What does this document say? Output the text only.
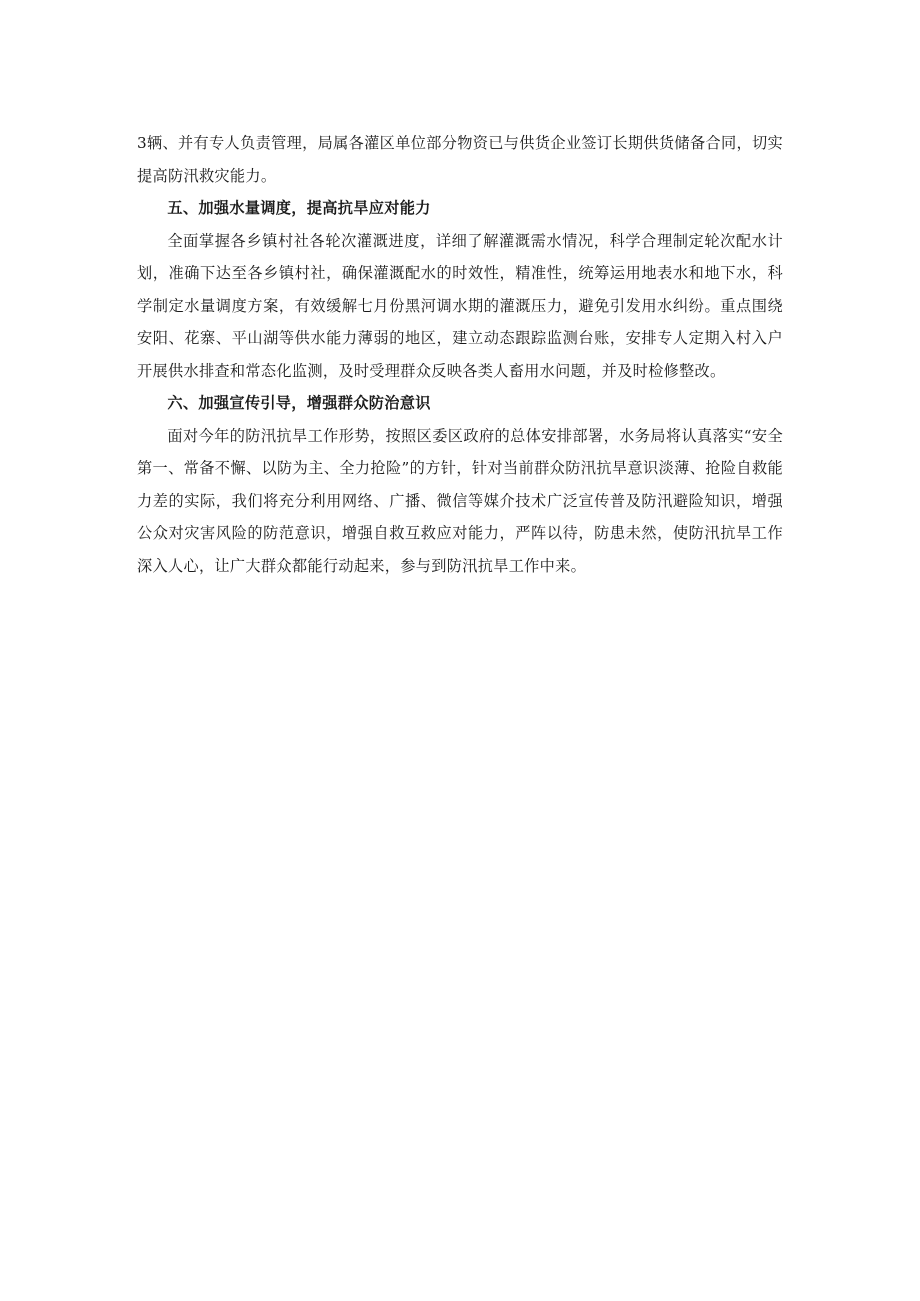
3辆、并有专人负责管理，局属各灌区单位部分物资已与供货企业签订长期供货储备合同，切实提高防汛救灾能力。

五、加强水量调度，提高抗旱应对能力

全面掌握各乡镇村社各轮次灌溉进度，详细了解灌溉需水情况，科学合理制定轮次配水计划，准确下达至各乡镇村社，确保灌溉配水的时效性，精准性，统筹运用地表水和地下水，科学制定水量调度方案，有效缓解七月份黑河调水期的灌溉压力，避免引发用水纠纷。重点围绕安阳、花寨、平山湖等供水能力薄弱的地区，建立动态跟踪监测台账，安排专人定期入村入户开展供水排查和常态化监测，及时受理群众反映各类人畜用水问题，并及时检修整改。

六、加强宣传引导，增强群众防治意识

面对今年的防汛抗旱工作形势，按照区委区政府的总体安排部署，水务局将认真落实“安全第一、常备不懈、以防为主、全力抢险”的方针，针对当前群众防汛抗旱意识淡薄、抢险自救能力差的实际，我们将充分利用网络、广播、微信等媒介技术广泛宣传普及防汛避险知识，增强公众对灾害风险的防范意识，增强自救互救应对能力，严阵以待，防患未然，使防汛抗旱工作深入人心，让广大群众都能行动起来，参与到防汛抗旱工作中来。
